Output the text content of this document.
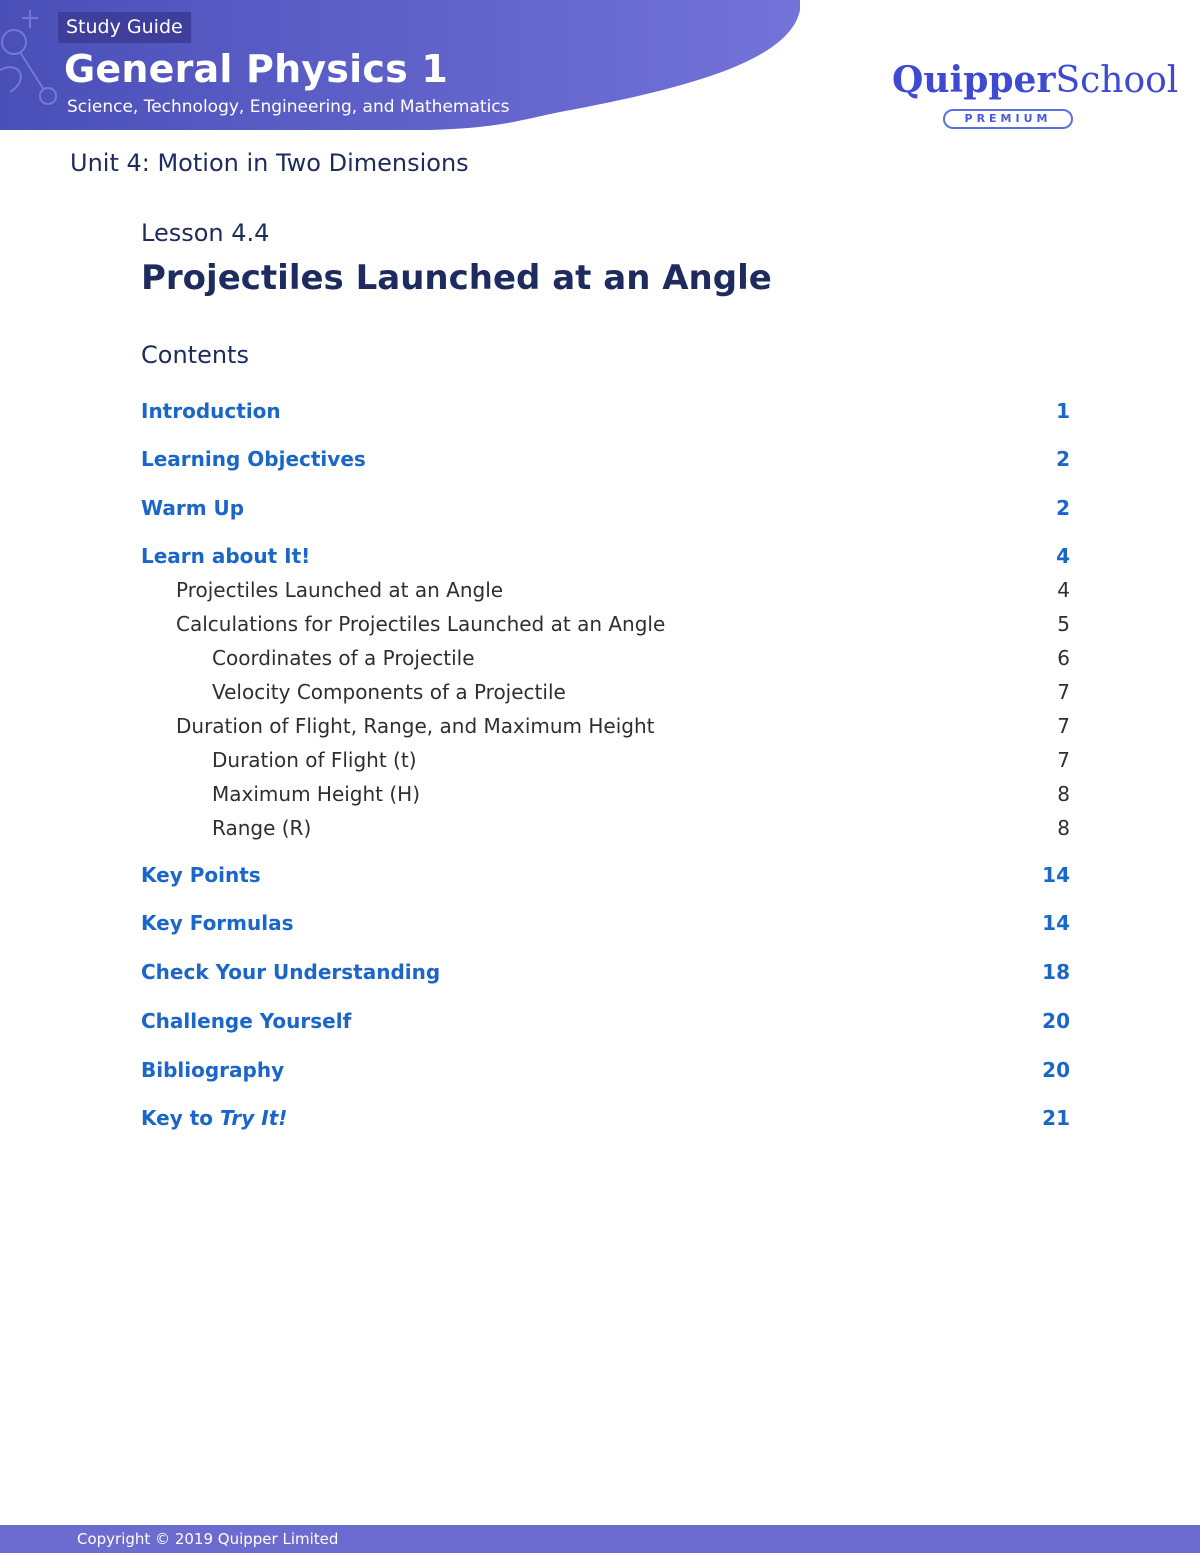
Study Guide
General Physics 1
Science, Technology, Engineering, and Mathematics
QuipperSchool
PREMIUM
Unit 4: Motion in Two Dimensions
Lesson 4.4
Projectiles Launched at an Angle
Contents
Introduction	1
Learning Objectives	2
Warm Up	2
Learn about It!	4
Projectiles Launched at an Angle	4
Calculations for Projectiles Launched at an Angle	5
Coordinates of a Projectile	6
Velocity Components of a Projectile	7
Duration of Flight, Range, and Maximum Height	7
Duration of Flight (t)	7
Maximum Height (H)	8
Range (R)	8
Key Points	14
Key Formulas	14
Check Your Understanding	18
Challenge Yourself	20
Bibliography	20
Key to Try It!	21
Copyright © 2019 Quipper Limited
